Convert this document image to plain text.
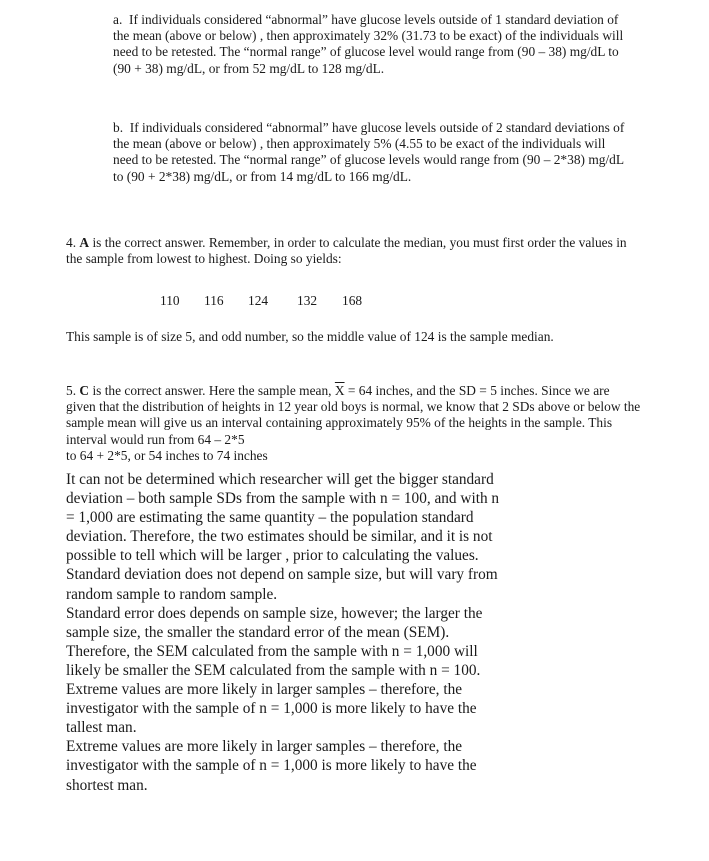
a. If individuals considered “abnormal” have glucose levels outside of 1 standard deviation of the mean (above or below) , then approximately 32% (31.73 to be exact) of the individuals will need to be retested. The “normal range” of glucose level would range from (90 – 38) mg/dL to (90 + 38) mg/dL, or from 52 mg/dL to 128 mg/dL.

b. If individuals considered “abnormal” have glucose levels outside of 2 standard deviations of the mean (above or below) , then approximately 5% (4.55 to be exact of the individuals will need to be retested. The “normal range” of glucose levels would range from (90 – 2*38) mg/dL to (90 + 2*38) mg/dL, or from 14 mg/dL to 166 mg/dL.

4. A is the correct answer. Remember, in order to calculate the median, you must first order the values in the sample from lowest to highest. Doing so yields:

110 116 124 132 168

This sample is of size 5, and odd number, so the middle value of 124 is the sample median.

5. C is the correct answer. Here the sample mean, $\overline{X} = 64$ inches, and the SD = 5 inches. Since we are given that the distribution of heights in 12 year old boys is normal, we know that 2 SDs above or below the sample mean will give us an interval containing approximately 95% of the heights in the sample. This interval would run from 64 – 2*5
to 64 + 2*5, or 54 inches to 74 inches

It can not be determined which researcher will get the bigger standard deviation – both sample SDs from the sample with n = 100, and with n = 1,000 are estimating the same quantity – the population standard deviation. Therefore, the two estimates should be similar, and it is not possible to tell which will be larger , prior to calculating the values. Standard deviation does not depend on sample size, but will vary from random sample to random sample.

Standard error does depends on sample size, however; the larger the sample size, the smaller the standard error of the mean (SEM). Therefore, the SEM calculated from the sample with n = 1,000 will likely be smaller the SEM calculated from the sample with n = 100.

Extreme values are more likely in larger samples – therefore, the investigator with the sample of n = 1,000 is more likely to have the tallest man.

Extreme values are more likely in larger samples – therefore, the investigator with the sample of n = 1,000 is more likely to have the shortest man.
